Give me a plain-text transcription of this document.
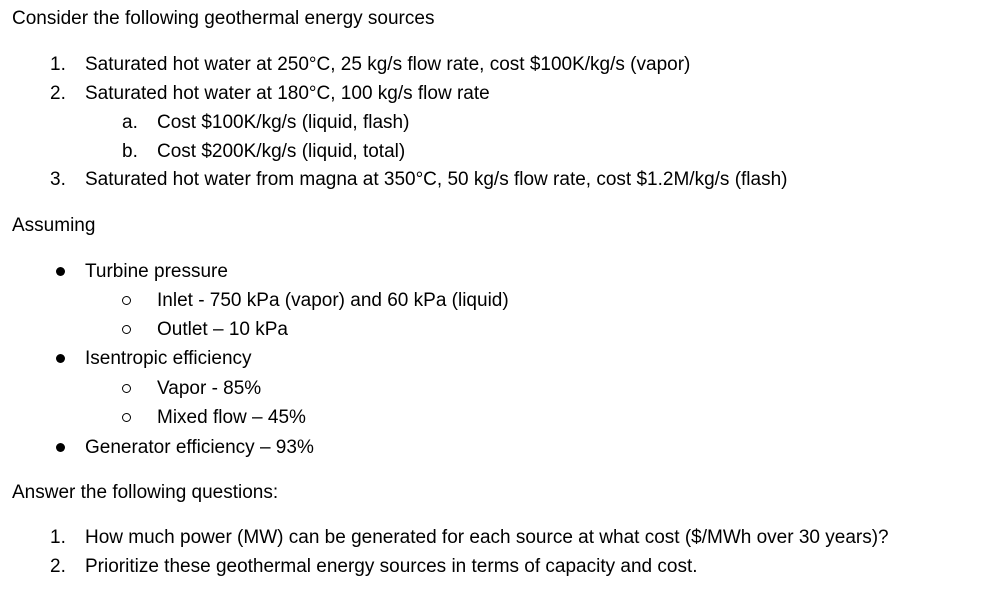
Consider the following geothermal energy sources
1. Saturated hot water at 250°C, 25 kg/s flow rate, cost $100K/kg/s (vapor)
2. Saturated hot water at 180°C, 100 kg/s flow rate
a. Cost $100K/kg/s (liquid, flash)
b. Cost $200K/kg/s (liquid, total)
3. Saturated hot water from magna at 350°C, 50 kg/s flow rate, cost $1.2M/kg/s (flash)
Assuming
Turbine pressure
Inlet - 750 kPa (vapor) and 60 kPa (liquid)
Outlet – 10 kPa
Isentropic efficiency
Vapor - 85%
Mixed flow – 45%
Generator efficiency – 93%
Answer the following questions:
1. How much power (MW) can be generated for each source at what cost ($/MWh over 30 years)?
2. Prioritize these geothermal energy sources in terms of capacity and cost.
